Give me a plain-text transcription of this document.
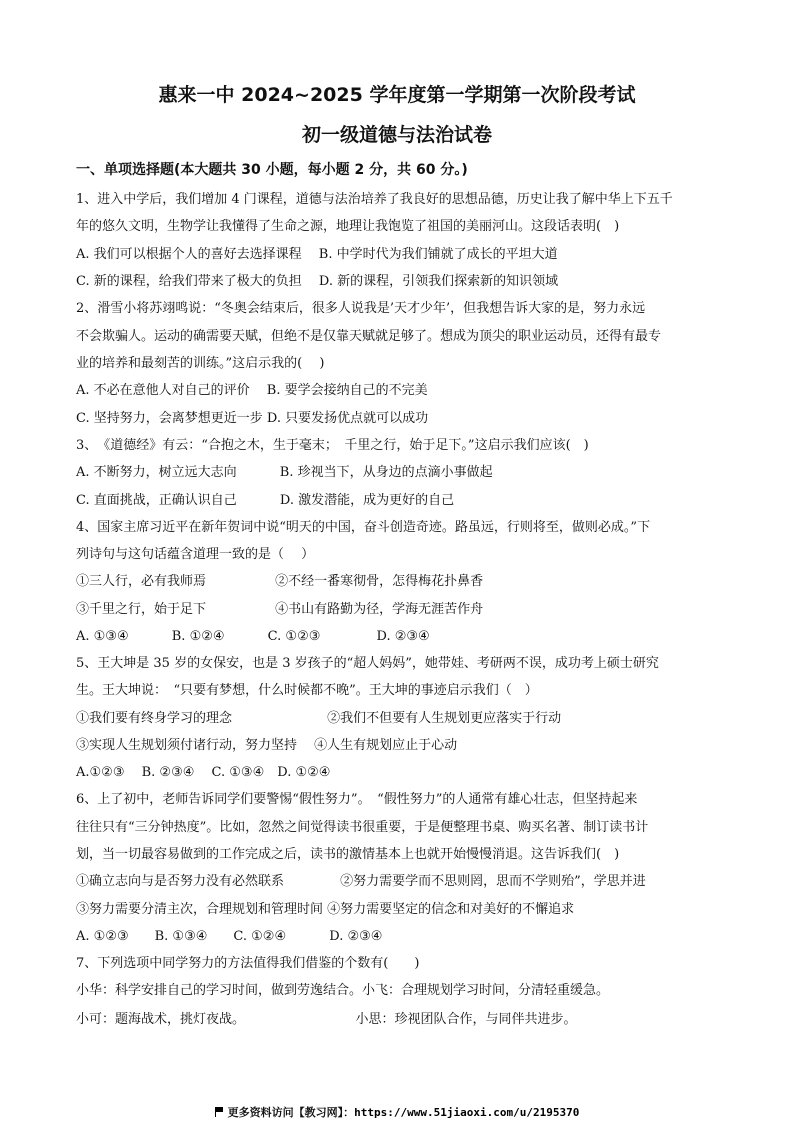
惠来一中 2024~2025 学年度第一学期第一次阶段考试
初一级道德与法治试卷
一、单项选择题(本大题共 30 小题，每小题 2 分，共 60 分。)
1、进入中学后，我们增加 4 门课程，道德与法治培养了我良好的思想品德，历史让我了解中华上下五千
年的悠久文明，生物学让我懂得了生命之源，地理让我饱览了祖国的美丽河山。这段话表明(　)
A. 我们可以根据个人的喜好去选择课程　 B. 中学时代为我们铺就了成长的平坦大道
C. 新的课程，给我们带来了极大的负担　 D. 新的课程，引领我们探索新的知识领域
2、滑雪小将苏翊鸣说：“冬奥会结束后，很多人说我是’天才少年’，但我想告诉大家的是，努力永远
不会欺骗人。运动的确需要天赋，但绝不是仅靠天赋就足够了。想成为顶尖的职业运动员，还得有最专
业的培养和最刻苦的训练。”这启示我的(　 )
A. 不必在意他人对自己的评价　 B. 要学会接纳自己的不完美
C. 坚持努力，会离梦想更近一步 D. 只要发扬优点就可以成功
3、　《道德经》有云：“合抱之木，生于毫末；　千里之行，始于足下。”这启示我们应该(　)
A. 不断努力，树立远大志向　　　 B. 珍视当下，从身边的点滴小事做起
C. 直面挑战，正确认识自己　　　 D. 激发潜能，成为更好的自己
4、国家主席习近平在新年贺词中说“明天的中国，奋斗创造奇迹。路虽远，行则将至，做则必成。”下
列诗句与这句话蕴含道理一致的是（　 ）
①三人行，必有我师焉　　　　　 ②不经一番寒彻骨，怎得梅花扑鼻香
③千里之行，始于足下　　　　　 ④书山有路勤为径，学海无涯苦作舟
A. ①③④　　　 B. ①②④　　　 C. ①②③　　　　 D. ②③④
5、王大坤是 35 岁的女保安，也是 3 岁孩子的“超人妈妈”，她带娃、考研两不误，成功考上硕士研究
生。王大坤说：　“只要有梦想，什么时候都不晚”。王大坤的事迹启示我们（　）
①我们要有终身学习的理念　　　　　　　 ②我们不但要有人生规划更应落实于行动
③实现人生规划须付诸行动，努力坚持　 ④人生有规划应止于心动
A.①②③　 B. ②③④　 C. ①③④　D. ①②④
6、上了初中，老师告诉同学们要警惕“假性努力”。　“假性努力”的人通常有雄心壮志，但坚持起来
往往只有“三分钟热度”。比如，忽然之间觉得读书很重要，于是便整理书桌、购买名著、制订读书计
划，当一切最容易做到的工作完成之后，读书的激情基本上也就开始慢慢消退。这告诉我们(　)
①确立志向与是否努力没有必然联系　　　　 ②努力需要学而不思则罔，思而不学则殆”，学思并进
③努力需要分清主次，合理规划和管理时间 ④努力需要坚定的信念和对美好的不懈追求
A. ①②③　　B. ①③④　　C. ①②④　　　 D. ②③④
7、下列选项中同学努力的方法值得我们借鉴的个数有(　　)
小华：科学安排自己的学习时间，做到劳逸结合。小飞：合理规划学习时间，分清轻重缓急。
小可：题海战术，挑灯夜战。　　　　　　　　　小思：珍视团队合作，与同伴共进步。
更多资料访问【教习网】：https://www.51jiaoxi.com/u/2195370
